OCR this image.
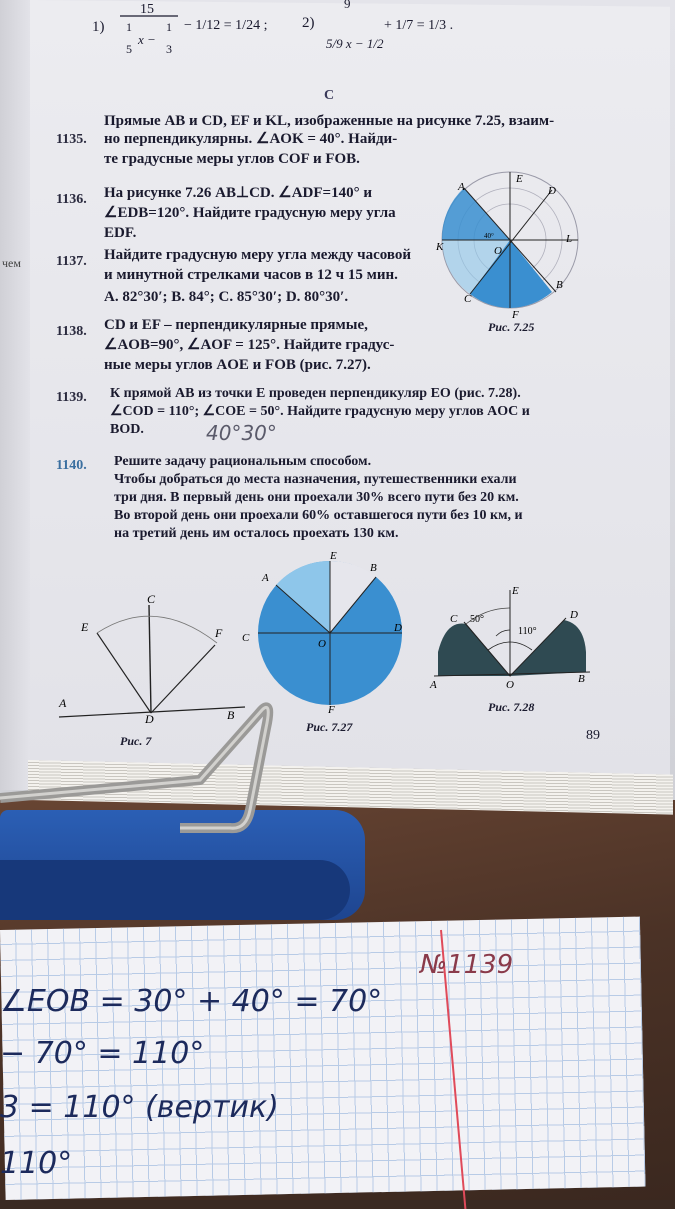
1)
15
1
5
x −
1
3
− 1/12 = 1/24 ; 2)
9
5/9 x − 1/2
+ 1/7 = 1/3 .
C
1135.
Прямые AB и CD, EF и KL, изображенные на рисунке 7.25, взаим-
но перпендикулярны. ∠AOK = 40°. Найди-
те градусные меры углов COF и FOB.
1136. На рисунке 7.26 AB⊥CD. ∠ADF=140° и
∠EDB=120°. Найдите градусную меру угла
EDF.
чем	1137. Найдите градусную меру угла между часовой
и минутной стрелками часов в 12 ч 15 мин.
A. 82°30′; B. 84°; C. 85°30′; D. 80°30′.
1138. CD и EF – перпендикулярные прямые,
∠AOB=90°, ∠AOF = 125°. Найдите градус-
ные меры углов AOE и FOB (рис. 7.27).
1139. К прямой AB из точки E проведен перпендикуляр EO (рис. 7.28).
∠COD = 110°; ∠COE = 50°. Найдите градусную меру углов AOC и
BOD.	40°30°
1140. Решите задачу рациональным способом.
Чтобы добраться до места назначения, путешественники ехали
три дня. В первый день они проехали 30% всего пути без 20 км.
Во второй день они проехали 60% оставшегося пути без 10 км, и
на третий день им осталось проехать 130 км.
A
E
D
K	O
L
C
F
B
40°
Рис. 7.25
C
E	F
A
D	B
Рис. 7
E
A
B
C	O
D
F
Рис. 7.27
E
C	D
50°
110°
A	O	B
Рис. 7.28
89
№1139
∠EOB = 30° + 40° = 70°
− 70° = 110°
3 = 110° (вертик)
110°
